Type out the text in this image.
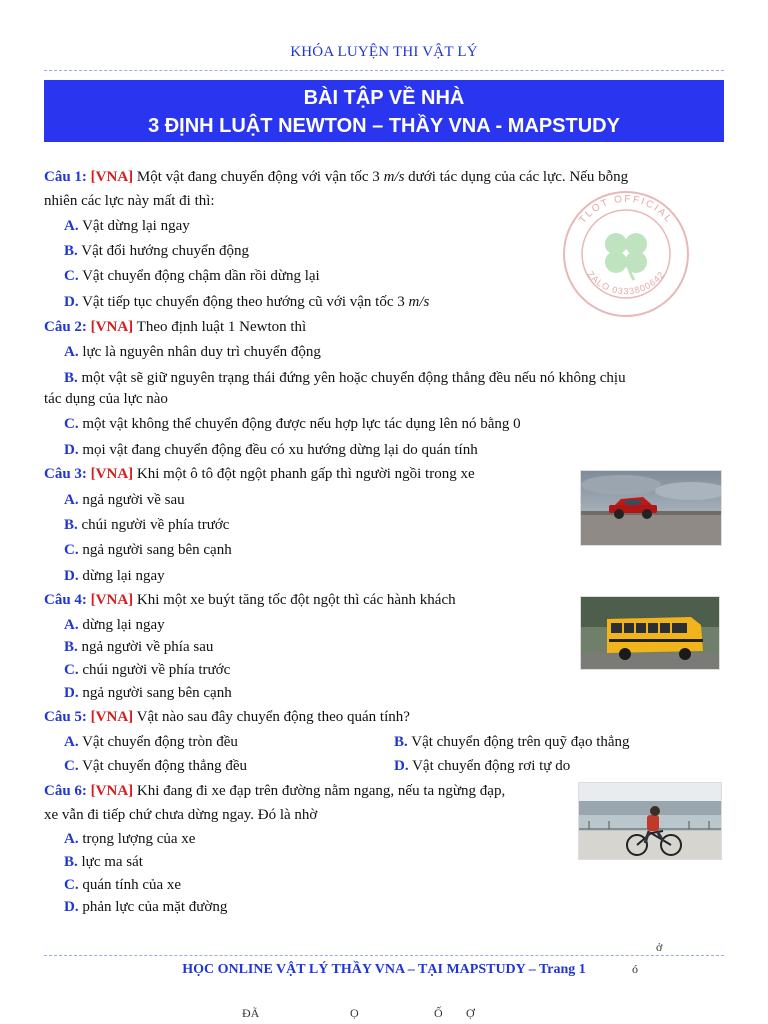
KHÓA LUYỆN THI VẬT LÝ
BÀI TẬP VỀ NHÀ
3 ĐỊNH LUẬT NEWTON – THẦY VNA - MAPSTUDY
TLOT OFFICIAL
ZALO 0333800642
Câu 1: [VNA] Một vật đang chuyển động với vận tốc 3 m/s dưới tác dụng của các lực. Nếu bỗng
nhiên các lực này mất đi thì:
A. Vật dừng lại ngay
B. Vật đổi hướng chuyển động
C. Vật chuyển động chậm dần rồi dừng lại
D. Vật tiếp tục chuyển động theo hướng cũ với vận tốc 3 m/s
Câu 2: [VNA] Theo định luật 1 Newton thì
A. lực là nguyên nhân duy trì chuyển động
B. một vật sẽ giữ nguyên trạng thái đứng yên hoặc chuyển động thẳng đều nếu nó không chịu
tác dụng của lực nào
C. một vật không thể chuyển động được nếu hợp lực tác dụng lên nó bằng 0
D. mọi vật đang chuyển động đều có xu hướng dừng lại do quán tính
Câu 3: [VNA] Khi một ô tô đột ngột phanh gấp thì người ngồi trong xe
A. ngả người về sau
B. chúi người về phía trước
C. ngả người sang bên cạnh
D. dừng lại ngay
Câu 4: [VNA] Khi một xe buýt tăng tốc đột ngột thì các hành khách
A. dừng lại ngay
B. ngả người về phía sau
C. chúi người về phía trước
D. ngả người sang bên cạnh
Câu 5: [VNA] Vật nào sau đây chuyển động theo quán tính?
A. Vật chuyển động tròn đều	B. Vật chuyển động trên quỹ đạo thẳng
C. Vật chuyển động thẳng đều	D. Vật chuyển động rơi tự do
Câu 6: [VNA] Khi đang đi xe đạp trên đường nằm ngang, nếu ta ngừng đạp,
xe vẫn đi tiếp chứ chưa dừng ngay. Đó là nhờ
A. trọng lượng của xe
B. lực ma sát
C. quán tính của xe
D. phản lực của mặt đường
ở
HỌC ONLINE VẬT LÝ THẦY VNA – TẠI MAPSTUDY – Trang 1	ó
ĐÃ	Ọ	Ố Ợ
